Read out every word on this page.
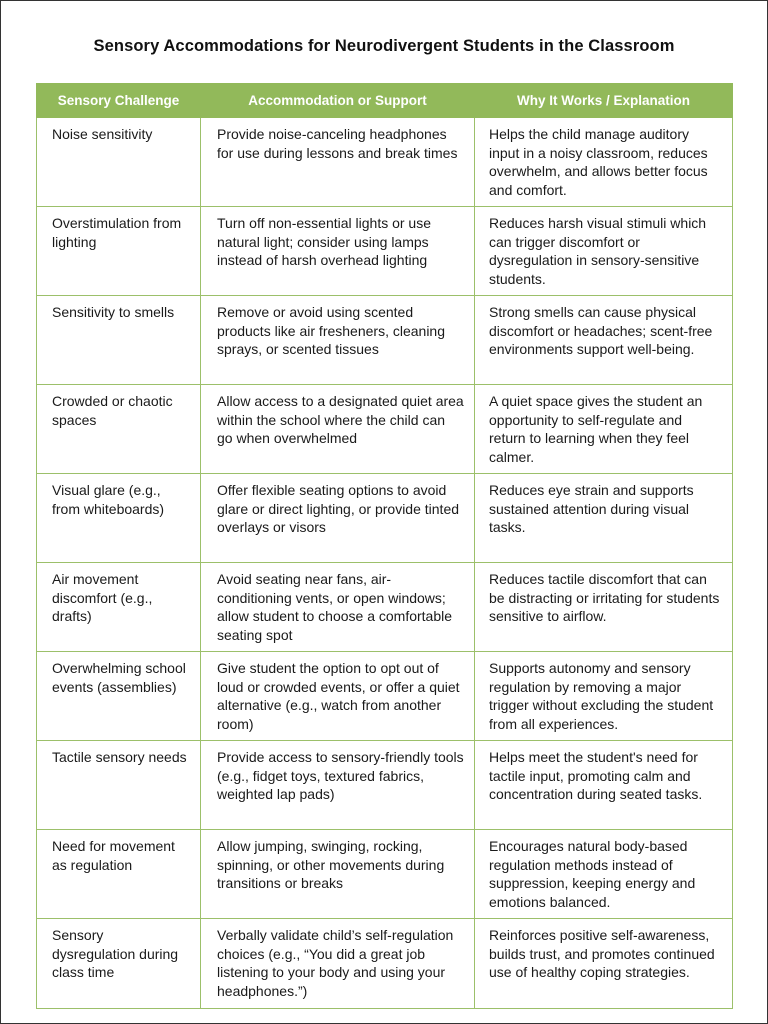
Sensory Accommodations for Neurodivergent Students in the Classroom
Sensory Challenge	Accommodation or Support	Why It Works / Explanation
Noise sensitivity	Provide noise-canceling headphones for use during lessons and break times	Helps the child manage auditory input in a noisy classroom, reduces overwhelm, and allows better focus and comfort.
Overstimulation from lighting	Turn off non-essential lights or use natural light; consider using lamps instead of harsh overhead lighting	Reduces harsh visual stimuli which can trigger discomfort or dysregulation in sensory-sensitive students.
Sensitivity to smells	Remove or avoid using scented products like air fresheners, cleaning sprays, or scented tissues	Strong smells can cause physical discomfort or headaches; scent-free environments support well-being.
Crowded or chaotic spaces	Allow access to a designated quiet area within the school where the child can go when overwhelmed	A quiet space gives the student an opportunity to self-regulate and return to learning when they feel calmer.
Visual glare (e.g., from whiteboards)	Offer flexible seating options to avoid glare or direct lighting, or provide tinted overlays or visors	Reduces eye strain and supports sustained attention during visual tasks.
Air movement discomfort (e.g., drafts)	Avoid seating near fans, air-conditioning vents, or open windows; allow student to choose a comfortable seating spot	Reduces tactile discomfort that can be distracting or irritating for students sensitive to airflow.
Overwhelming school events (assemblies)	Give student the option to opt out of loud or crowded events, or offer a quiet alternative (e.g., watch from another room)	Supports autonomy and sensory regulation by removing a major trigger without excluding the student from all experiences.
Tactile sensory needs	Provide access to sensory-friendly tools (e.g., fidget toys, textured fabrics, weighted lap pads)	Helps meet the student's need for tactile input, promoting calm and concentration during seated tasks.
Need for movement as regulation	Allow jumping, swinging, rocking, spinning, or other movements during transitions or breaks	Encourages natural body-based regulation methods instead of suppression, keeping energy and emotions balanced.
Sensory dysregulation during class time	Verbally validate child’s self-regulation choices (e.g., “You did a great job listening to your body and using your headphones.”)	Reinforces positive self-awareness, builds trust, and promotes continued use of healthy coping strategies.
